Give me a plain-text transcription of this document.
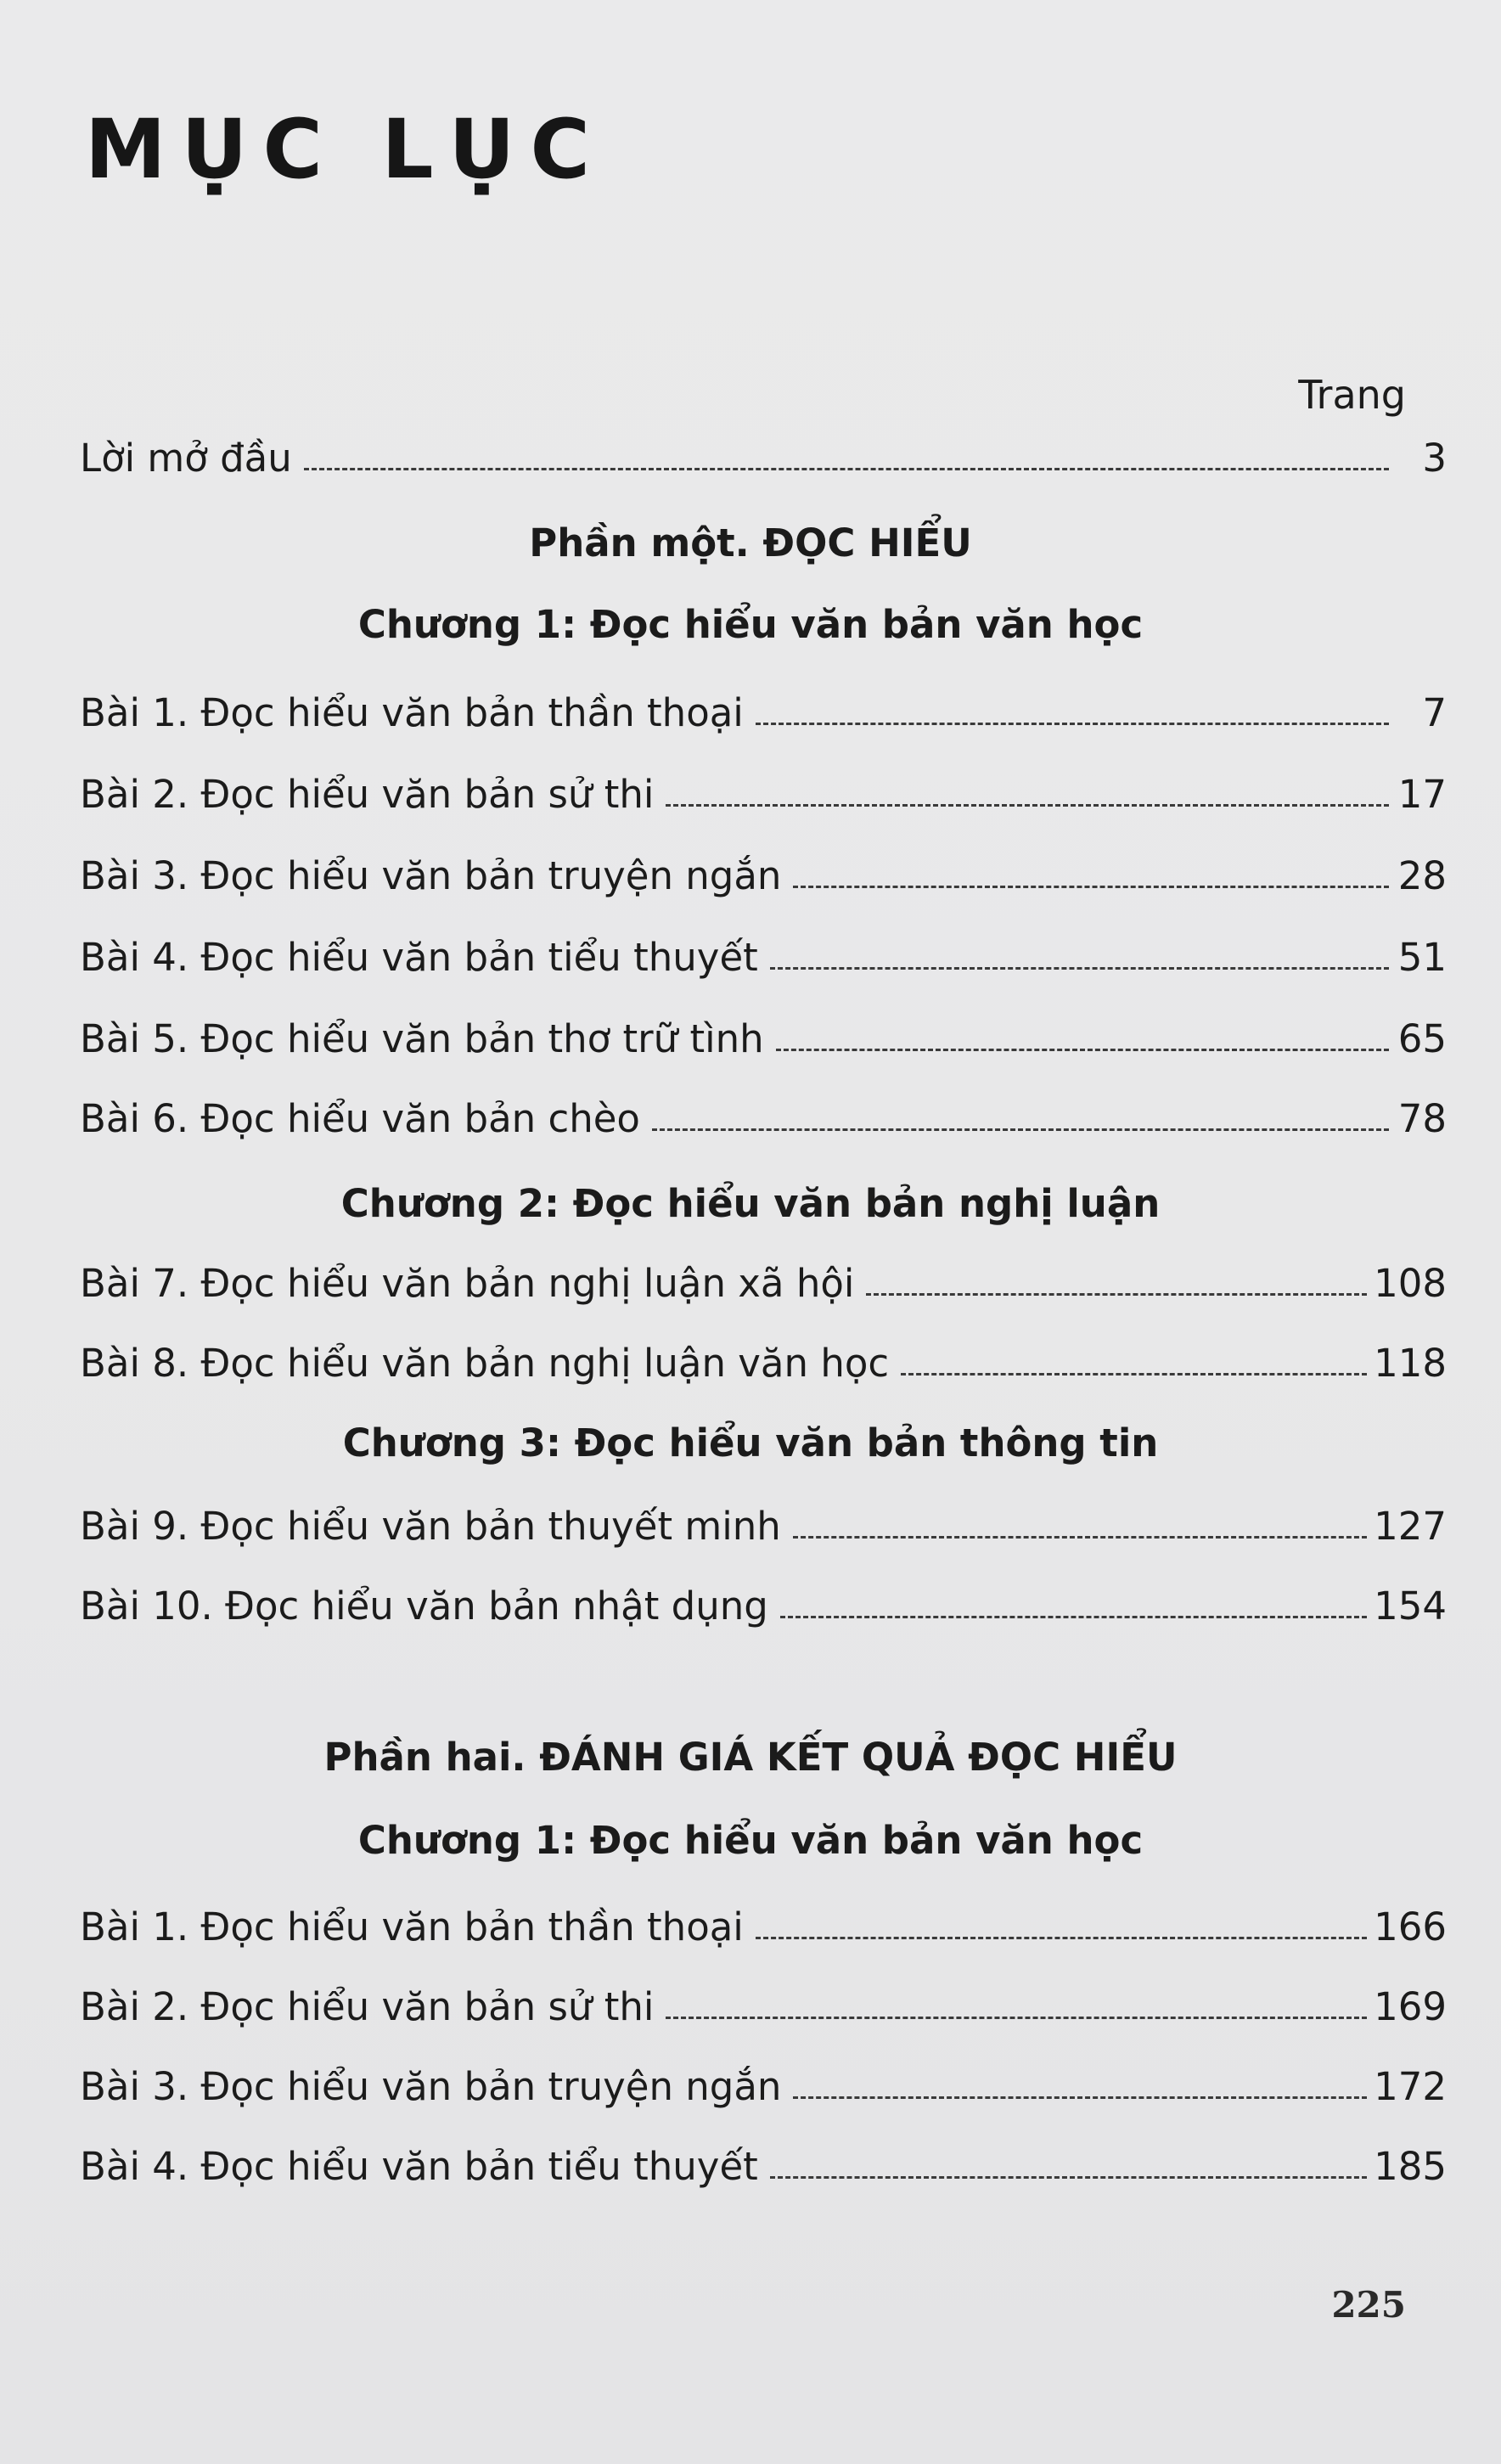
MỤC LỤC
Trang
Lời mở đầu	3
Phần một. ĐỌC HIỂU
Chương 1: Đọc hiểu văn bản văn học
Bài 1. Đọc hiểu văn bản thần thoại	7
Bài 2. Đọc hiểu văn bản sử thi	17
Bài 3. Đọc hiểu văn bản truyện ngắn	28
Bài 4. Đọc hiểu văn bản tiểu thuyết	51
Bài 5. Đọc hiểu văn bản thơ trữ tình	65
Bài 6. Đọc hiểu văn bản chèo	78
Chương 2: Đọc hiểu văn bản nghị luận
Bài 7. Đọc hiểu văn bản nghị luận xã hội	108
Bài 8. Đọc hiểu văn bản nghị luận văn học	118
Chương 3: Đọc hiểu văn bản thông tin
Bài 9. Đọc hiểu văn bản thuyết minh	127
Bài 10. Đọc hiểu văn bản nhật dụng	154
Phần hai. ĐÁNH GIÁ KẾT QUẢ ĐỌC HIỂU
Chương 1: Đọc hiểu văn bản văn học
Bài 1. Đọc hiểu văn bản thần thoại	166
Bài 2. Đọc hiểu văn bản sử thi	169
Bài 3. Đọc hiểu văn bản truyện ngắn	172
Bài 4. Đọc hiểu văn bản tiểu thuyết	185
225
